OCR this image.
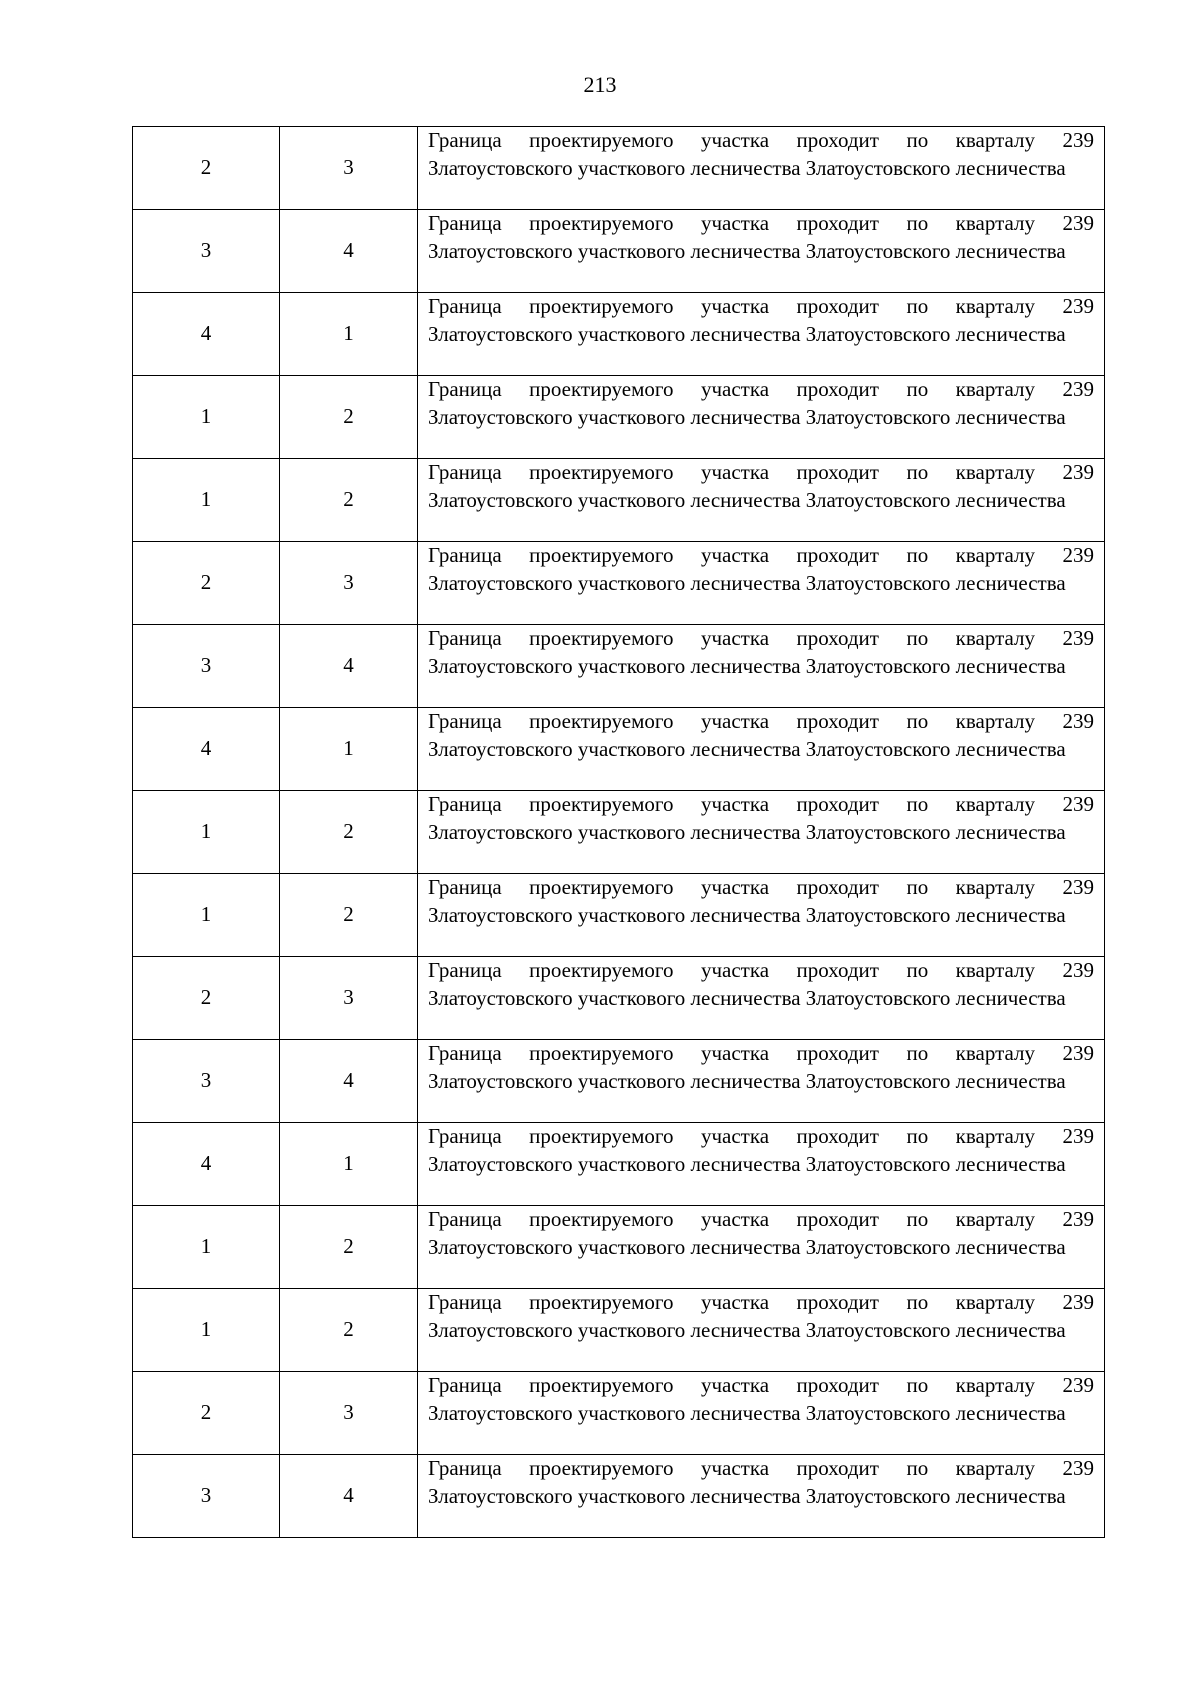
213
2	3	Граница проектируемого участка проходит по кварталу 239 Златоустовского участкового лесничества Златоустовского лесничества
3	4	Граница проектируемого участка проходит по кварталу 239 Златоустовского участкового лесничества Златоустовского лесничества
4	1	Граница проектируемого участка проходит по кварталу 239 Златоустовского участкового лесничества Златоустовского лесничества
1	2	Граница проектируемого участка проходит по кварталу 239 Златоустовского участкового лесничества Златоустовского лесничества
1	2	Граница проектируемого участка проходит по кварталу 239 Златоустовского участкового лесничества Златоустовского лесничества
2	3	Граница проектируемого участка проходит по кварталу 239 Златоустовского участкового лесничества Златоустовского лесничества
3	4	Граница проектируемого участка проходит по кварталу 239 Златоустовского участкового лесничества Златоустовского лесничества
4	1	Граница проектируемого участка проходит по кварталу 239 Златоустовского участкового лесничества Златоустовского лесничества
1	2	Граница проектируемого участка проходит по кварталу 239 Златоустовского участкового лесничества Златоустовского лесничества
1	2	Граница проектируемого участка проходит по кварталу 239 Златоустовского участкового лесничества Златоустовского лесничества
2	3	Граница проектируемого участка проходит по кварталу 239 Златоустовского участкового лесничества Златоустовского лесничества
3	4	Граница проектируемого участка проходит по кварталу 239 Златоустовского участкового лесничества Златоустовского лесничества
4	1	Граница проектируемого участка проходит по кварталу 239 Златоустовского участкового лесничества Златоустовского лесничества
1	2	Граница проектируемого участка проходит по кварталу 239 Златоустовского участкового лесничества Златоустовского лесничества
1	2	Граница проектируемого участка проходит по кварталу 239 Златоустовского участкового лесничества Златоустовского лесничества
2	3	Граница проектируемого участка проходит по кварталу 239 Златоустовского участкового лесничества Златоустовского лесничества
3	4	Граница проектируемого участка проходит по кварталу 239 Златоустовского участкового лесничества Златоустовского лесничества
